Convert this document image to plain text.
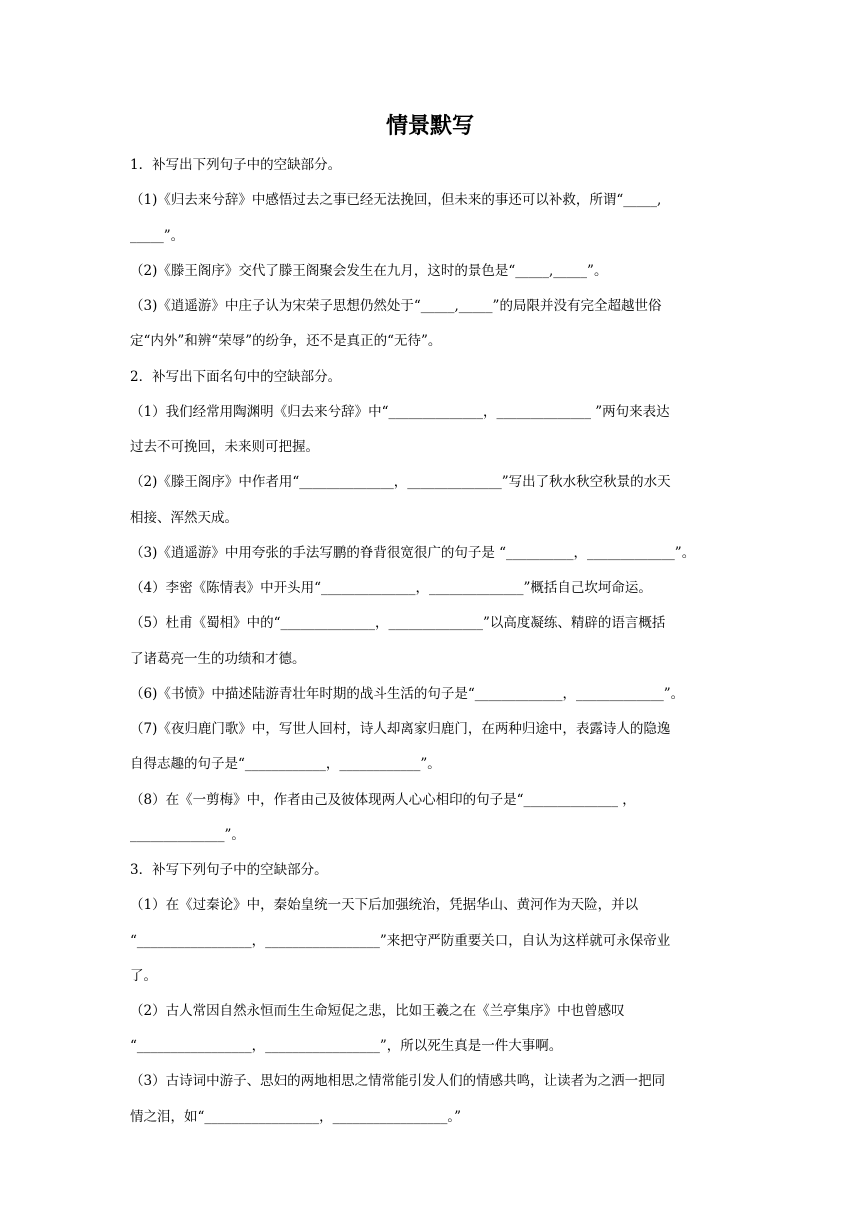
情景默写
1．补写出下列句子中的空缺部分。
（1)《归去来兮辞》中感悟过去之事已经无法挽回，但未来的事还可以补救，所谓“_____,
_____”。
（2)《滕王阁序》交代了滕王阁聚会发生在九月，这时的景色是“_____,_____”。
（3)《逍遥游》中庄子认为宋荣子思想仍然处于“_____,_____”的局限并没有完全超越世俗
定“内外”和辨“荣辱”的纷争，还不是真正的“无待”。
2．补写出下面名句中的空缺部分。
（1）我们经常用陶渊明《归去来兮辞》中“______________，______________ ”两句来表达
过去不可挽回，未来则可把握。
（2)《滕王阁序》中作者用“______________，______________”写出了秋水秋空秋景的水天
相接、浑然天成。
（3)《逍遥游》中用夸张的手法写鹏的脊背很宽很广的句子是 “__________，_____________”。
（4）李密《陈情表》中开头用“______________，______________”概括自己坎坷命运。
（5）杜甫《蜀相》中的“______________，______________”以高度凝练、精辟的语言概括
了诸葛亮一生的功绩和才德。
（6)《书愤》中描述陆游青壮年时期的战斗生活的句子是“_____________，_____________”。
（7)《夜归鹿门歌》中，写世人回村，诗人却离家归鹿门，在两种归途中，表露诗人的隐逸
自得志趣的句子是“____________，____________”。
（8）在《一剪梅》中，作者由己及彼体现两人心心相印的句子是“______________ ，
______________”。
3．补写下列句子中的空缺部分。
（1）在《过秦论》中，秦始皇统一天下后加强统治，凭据华山、黄河作为天险，并以
“_________________，_________________”来把守严防重要关口，自认为这样就可永保帝业
了。
（2）古人常因自然永恒而生生命短促之悲，比如王羲之在《兰亭集序》中也曾感叹
“_________________，_________________”，所以死生真是一件大事啊。
（3）古诗词中游子、思妇的两地相思之情常能引发人们的情感共鸣，让读者为之洒一把同
情之泪，如“_________________，_________________。”
